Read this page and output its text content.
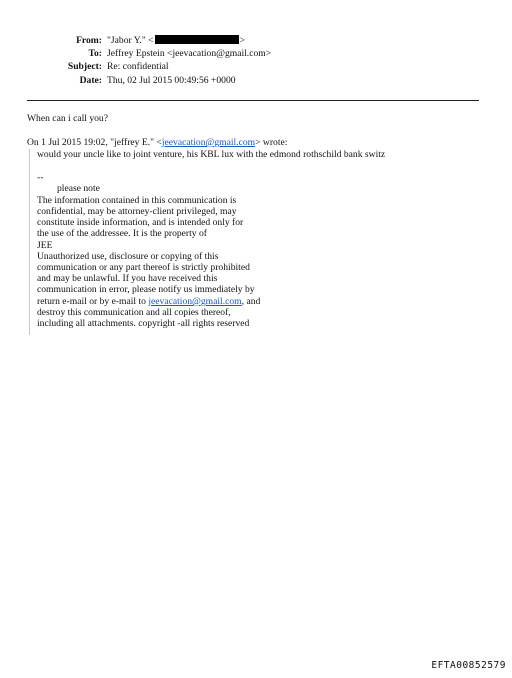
From: "Jabor Y." <	>
To: Jeffrey Epstein <jeevacation@gmail.com>
Subject: Re: confidential
Date: Thu, 02 Jul 2015 00:49:56 +0000
When can i call you?
On 1 Jul 2015 19:02, "jeffrey E." <jeevacation@gmail.com> wrote:
would your uncle like to joint venture, his KBL lux with the edmond rothschild bank switz
--
please note
The information contained in this communication is
confidential, may be attorney-client privileged, may
constitute inside information, and is intended only for
the use of the addressee. It is the property of
JEE
Unauthorized use, disclosure or copying of this
communication or any part thereof is strictly prohibited
and may be unlawful. If you have received this
communication in error, please notify us immediately by
return e-mail or by e-mail to jeevacation@gmail.com, and
destroy this communication and all copies thereof,
including all attachments. copyright -all rights reserved
EFTA00852579
